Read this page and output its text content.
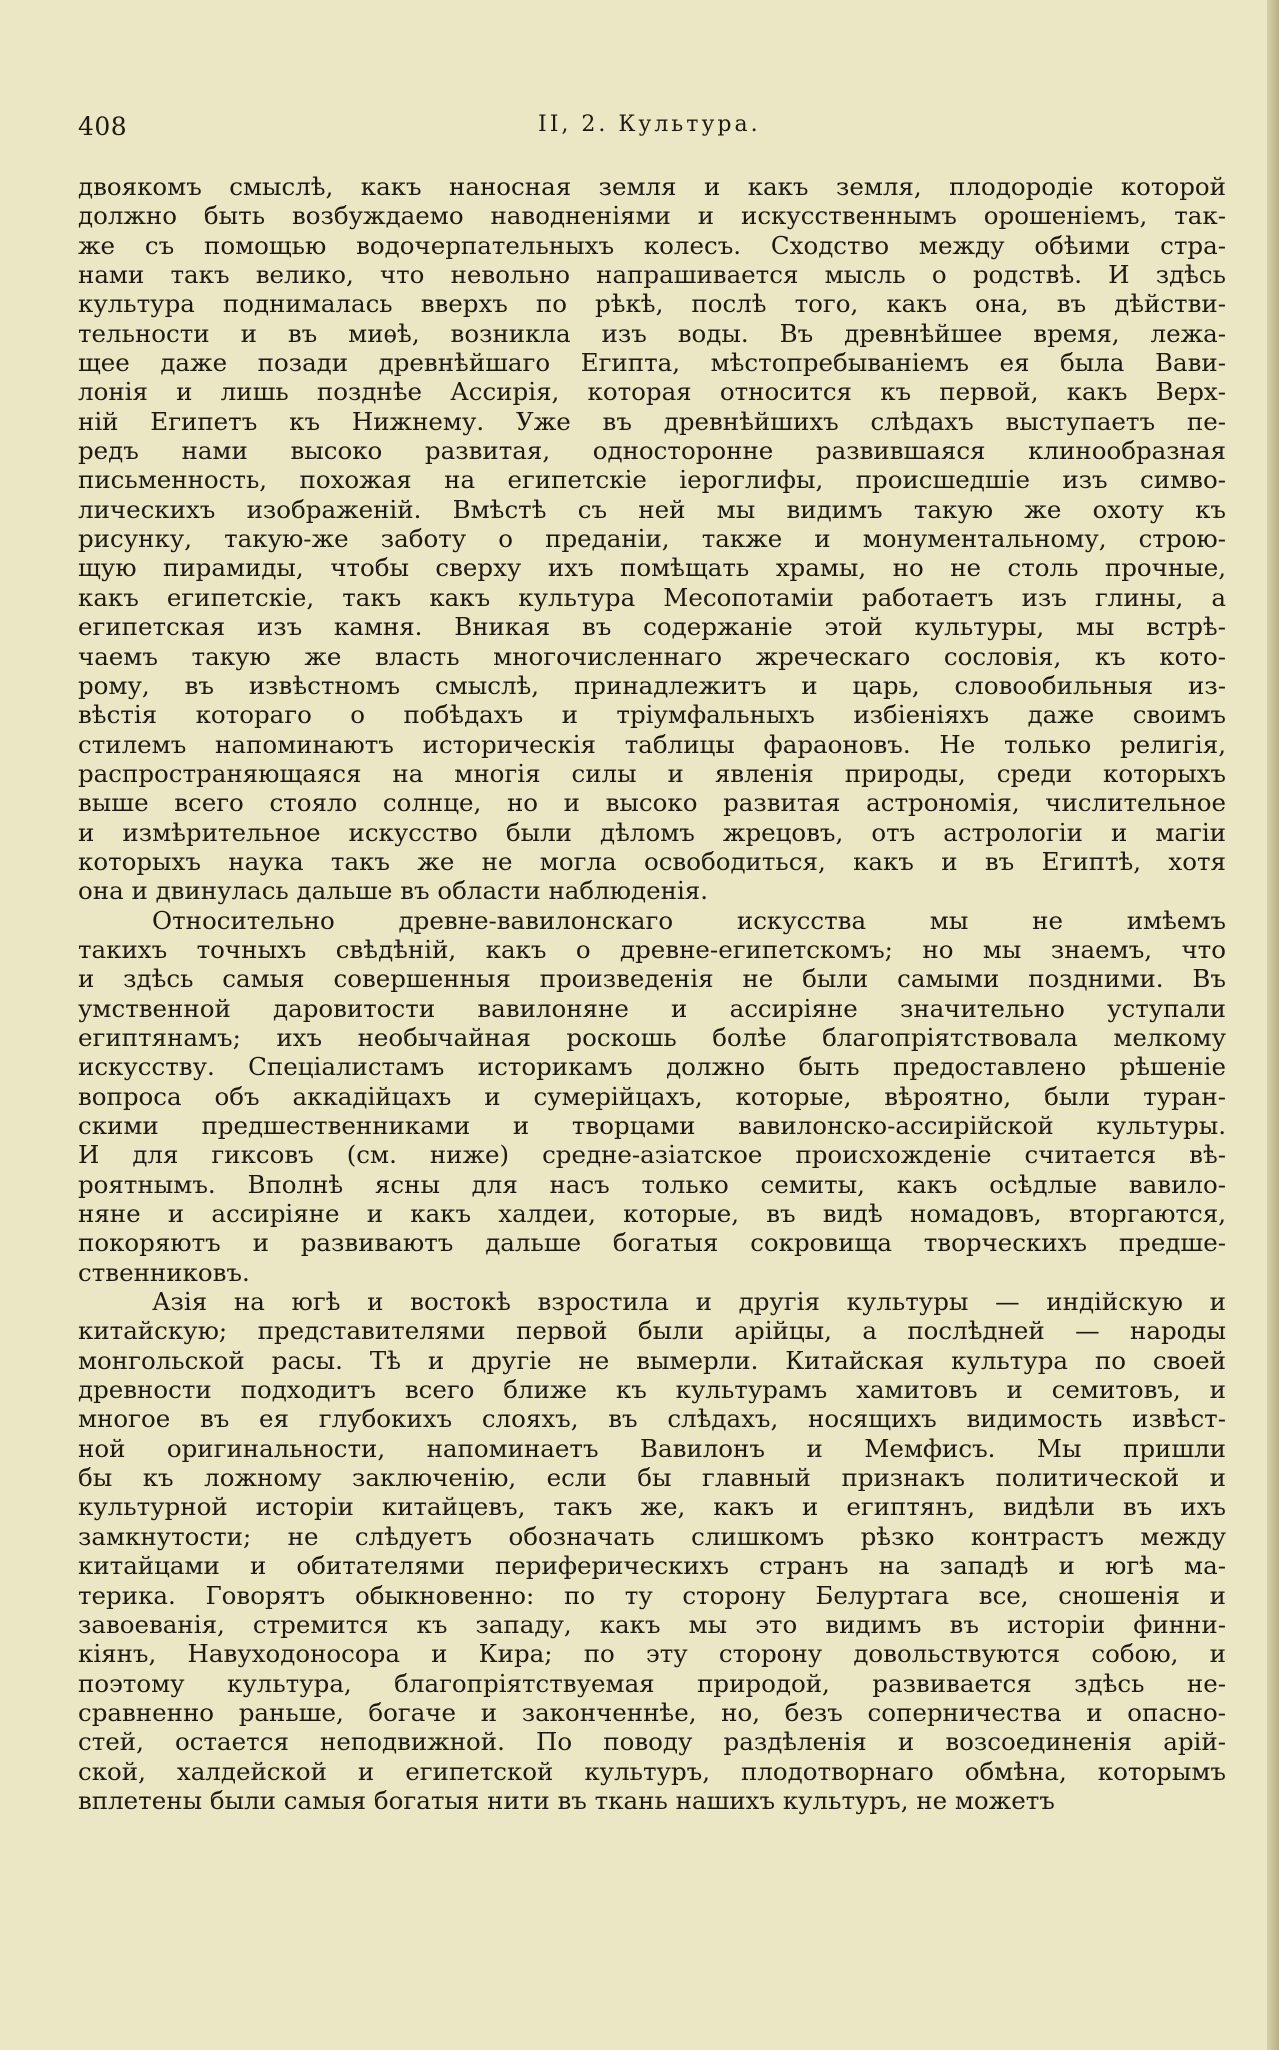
408	II, 2. Культура.
двоякомъ смыслѣ, какъ наносная земля и какъ земля, плодородіе которой
должно быть возбуждаемо наводненіями и искусственнымъ орошеніемъ, так-
же съ помощью водочерпательныхъ колесъ. Сходство между обѣими стра-
нами такъ велико, что невольно напрашивается мысль о родствѣ. И здѣсь
культура поднималась вверхъ по рѣкѣ, послѣ того, какъ она, въ дѣйстви-
тельности и въ миѳѣ, возникла изъ воды. Въ древнѣйшее время, лежа-
щее даже позади древнѣйшаго Египта, мѣстопребываніемъ ея была Вави-
лонія и лишь позднѣе Ассирія, которая относится къ первой, какъ Верх-
ній Египетъ къ Нижнему. Уже въ древнѣйшихъ слѣдахъ выступаетъ пе-
редъ нами высоко развитая, односторонне развившаяся клинообразная
письменность, похожая на египетскіе іероглифы, происшедшіе изъ симво-
лическихъ изображеній. Вмѣстѣ съ ней мы видимъ такую же охоту къ
рисунку, такую-же заботу о преданіи, также и монументальному, строю-
щую пирамиды, чтобы сверху ихъ помѣщать храмы, но не столь прочные,
какъ египетскіе, такъ какъ культура Месопотаміи работаетъ изъ глины, а
египетская изъ камня. Вникая въ содержаніе этой культуры, мы встрѣ-
чаемъ такую же власть многочисленнаго жреческаго сословія, къ кото-
рому, въ извѣстномъ смыслѣ, принадлежитъ и царь, словообильныя из-
вѣстія котораго о побѣдахъ и тріумфальныхъ избіеніяхъ даже своимъ
стилемъ напоминаютъ историческія таблицы фараоновъ. Не только религія,
распространяющаяся на многія силы и явленія природы, среди которыхъ
выше всего стояло солнце, но и высоко развитая астрономія, числительное
и измѣрительное искусство были дѣломъ жрецовъ, отъ астрологіи и магіи
которыхъ наука такъ же не могла освободиться, какъ и въ Египтѣ, хотя
она и двинулась дальше въ области наблюденія.
Относительно древне-вавилонскаго искусства мы не имѣемъ
такихъ точныхъ свѣдѣній, какъ о древне-египетскомъ; но мы знаемъ, что
и здѣсь самыя совершенныя произведенія не были самыми поздними. Въ
умственной даровитости вавилоняне и ассиріяне значительно уступали
египтянамъ; ихъ необычайная роскошь болѣе благопріятствовала мелкому
искусству. Спеціалистамъ историкамъ должно быть предоставлено рѣшеніе
вопроса объ аккадійцахъ и сумерійцахъ, которые, вѣроятно, были туран-
скими предшественниками и творцами вавилонско-ассирійской культуры.
И для гиксовъ (см. ниже) средне-азіатское происхожденіе считается вѣ-
роятнымъ. Вполнѣ ясны для насъ только семиты, какъ осѣдлые вавило-
няне и ассиріяне и какъ халдеи, которые, въ видѣ номадовъ, вторгаются,
покоряютъ и развиваютъ дальше богатыя сокровища творческихъ предше-
ственниковъ.
Азія на югѣ и востокѣ взростила и другія культуры — индійскую и
китайскую; представителями первой были арійцы, а послѣдней — народы
монгольской расы. Тѣ и другіе не вымерли. Китайская культура по своей
древности подходитъ всего ближе къ культурамъ хамитовъ и семитовъ, и
многое въ ея глубокихъ слояхъ, въ слѣдахъ, носящихъ видимость извѣст-
ной оригинальности, напоминаетъ Вавилонъ и Мемфисъ. Мы пришли
бы къ ложному заключенію, если бы главный признакъ политической и
культурной исторіи китайцевъ, такъ же, какъ и египтянъ, видѣли въ ихъ
замкнутости; не слѣдуетъ обозначать слишкомъ рѣзко контрастъ между
китайцами и обитателями периферическихъ странъ на западѣ и югѣ ма-
терика. Говорятъ обыкновенно: по ту сторону Белуртага все, сношенія и
завоеванія, стремится къ западу, какъ мы это видимъ въ исторіи финни-
кіянъ, Навуходоносора и Кира; по эту сторону довольствуются собою, и
поэтому культура, благопріятствуемая природой, развивается здѣсь не-
сравненно раньше, богаче и законченнѣе, но, безъ соперничества и опасно-
стей, остается неподвижной. По поводу раздѣленія и возсоединенія арій-
ской, халдейской и египетской культуръ, плодотворнаго обмѣна, которымъ
вплетены были самыя богатыя нити въ ткань нашихъ культуръ, не можетъ
